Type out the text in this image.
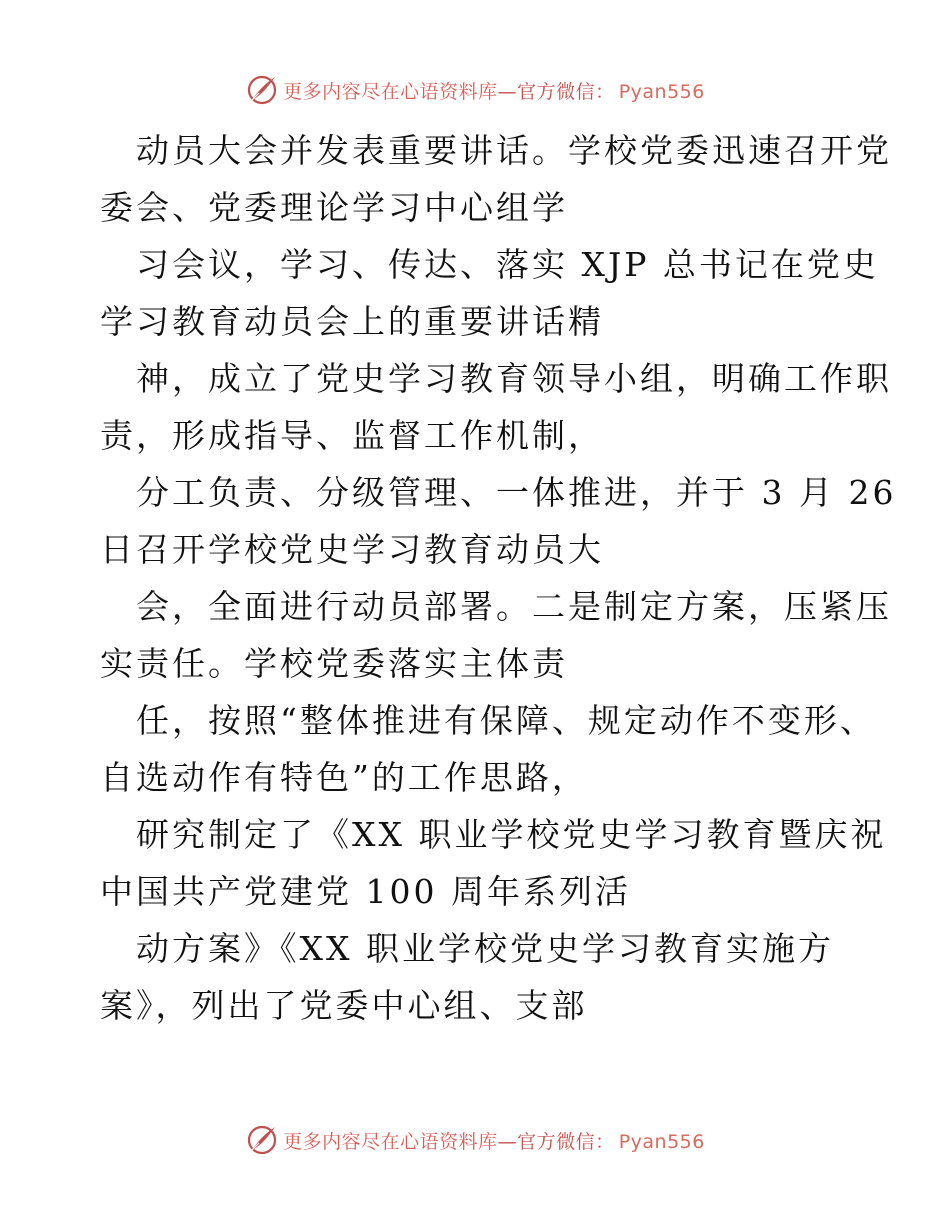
更多内容尽在心语资料库—官方微信： Pyan556
动员大会并发表重要讲话。学校党委迅速召开党
委会、党委理论学习中心组学
习会议，学习、传达、落实 XJP 总书记在党史
学习教育动员会上的重要讲话精
神，成立了党史学习教育领导小组，明确工作职
责，形成指导、监督工作机制，
分工负责、分级管理、一体推进，并于 3 月 26
日召开学校党史学习教育动员大
会，全面进行动员部署。二是制定方案，压紧压
实责任。学校党委落实主体责
任，按照“整体推进有保障、规定动作不变形、
自选动作有特色”的工作思路，
研究制定了《XX 职业学校党史学习教育暨庆祝
中国共产党建党 100 周年系列活
动方案》《XX 职业学校党史学习教育实施方
案》，列出了党委中心组、支部
更多内容尽在心语资料库—官方微信： Pyan556
